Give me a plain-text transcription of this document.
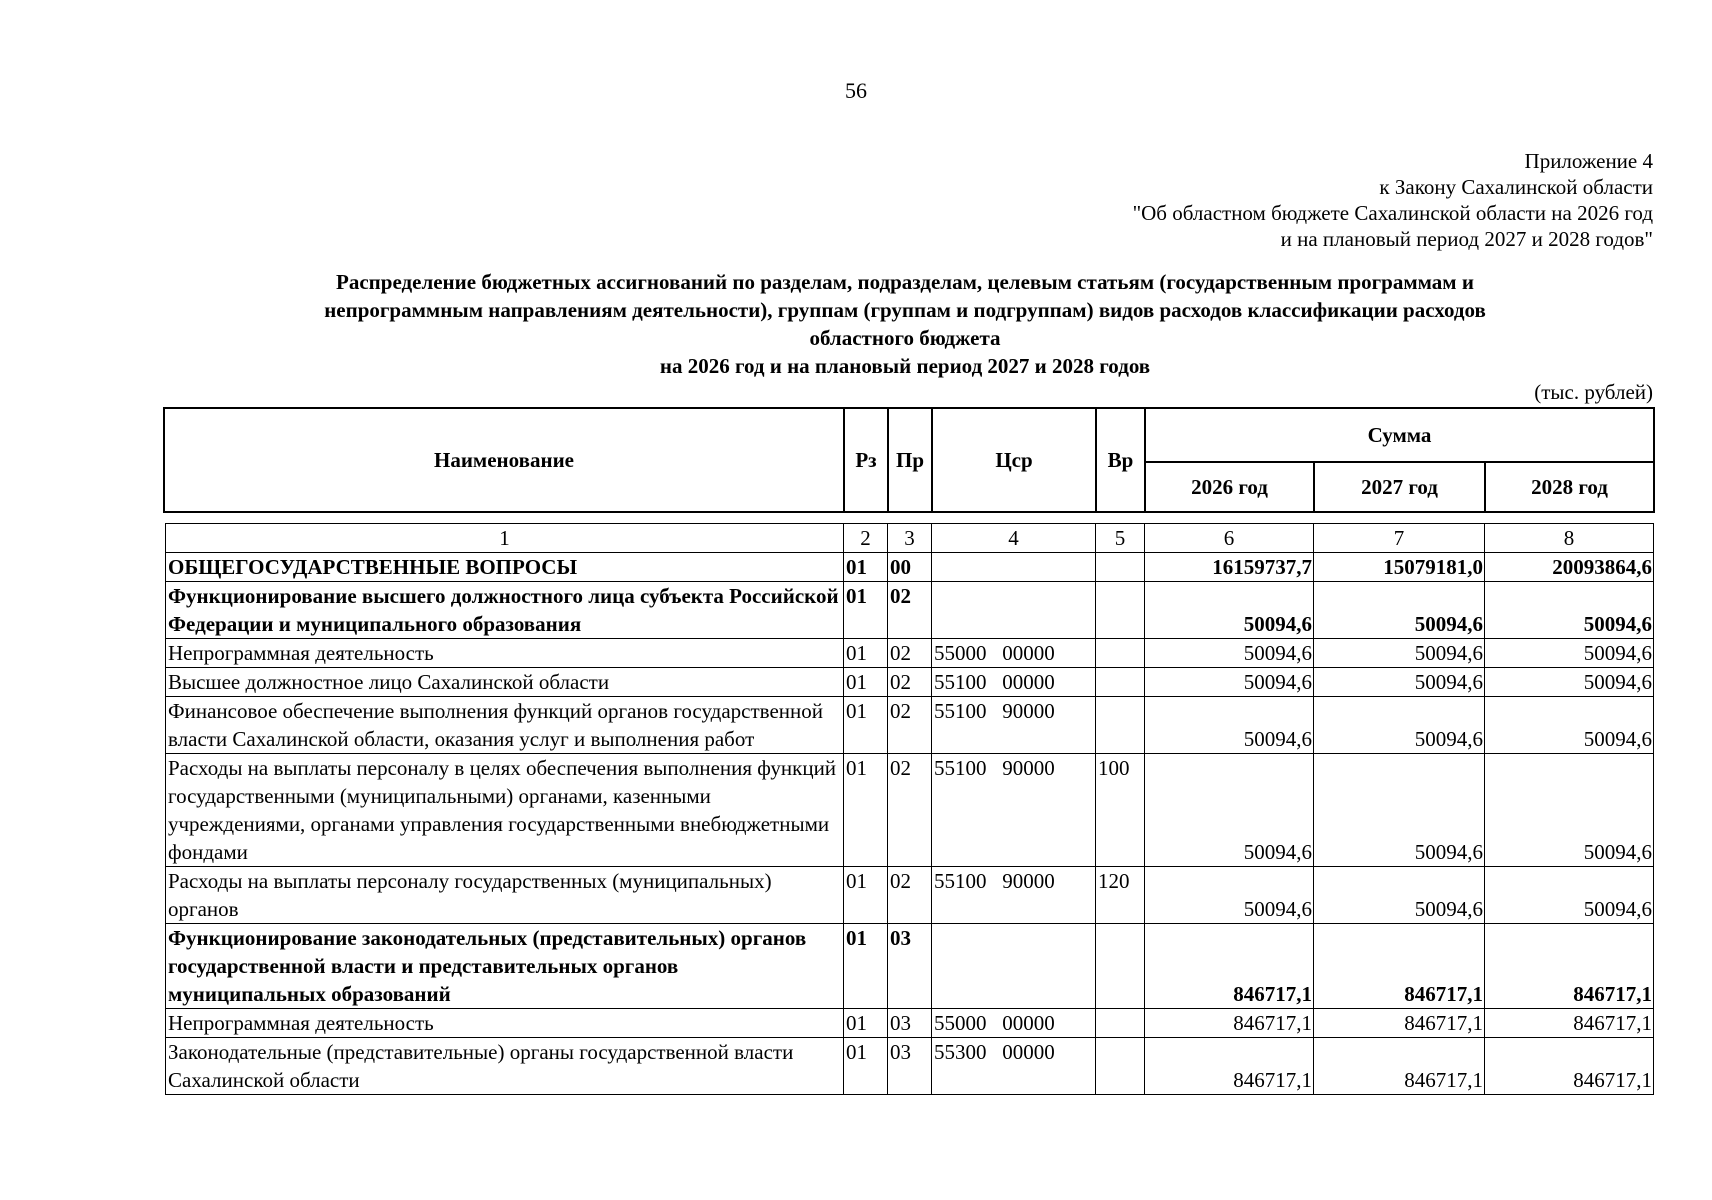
56
Приложение 4
к Закону Сахалинской области
"Об областном бюджете Сахалинской области на 2026 год
и на плановый период 2027 и 2028 годов"
Распределение бюджетных ассигнований по разделам, подразделам, целевым статьям (государственным программам и
непрограммным направлениям деятельности), группам (группам и подгруппам) видов расходов классификации расходов
областного бюджета
на 2026 год и на плановый период 2027 и 2028 годов
(тыс. рублей)
Наименование	Рз	Пр	Цср	Вр	Сумма		
					2026 год	2027 год	2028 год
1	2	3	4	5	6	7	8
ОБЩЕГОСУДАРСТВЕННЫЕ ВОПРОСЫ	01	00			16159737,7	15079181,0	20093864,6
Функционирование высшего должностного лица субъекта Российской Федерации и муниципального образования	01	02			50094,6	50094,6	50094,6
Непрограммная деятельность	01	02	55000   00000		50094,6	50094,6	50094,6
Высшее должностное лицо Сахалинской области	01	02	55100   00000		50094,6	50094,6	50094,6
Финансовое обеспечение выполнения функций органов государственной власти Сахалинской области, оказания услуг и выполнения работ	01	02	55100   90000		50094,6	50094,6	50094,6
Расходы на выплаты персоналу в целях обеспечения выполнения функций государственными (муниципальными) органами, казенными учреждениями, органами управления государственными внебюджетными фондами	01	02	55100   90000	100	50094,6	50094,6	50094,6
Расходы на выплаты персоналу государственных (муниципальных) органов	01	02	55100   90000	120	50094,6	50094,6	50094,6
Функционирование законодательных (представительных) органов государственной власти и представительных органов муниципальных образований	01	03			846717,1	846717,1	846717,1
Непрограммная деятельность	01	03	55000   00000		846717,1	846717,1	846717,1
Законодательные (представительные) органы государственной власти Сахалинской области	01	03	55300   00000		846717,1	846717,1	846717,1
